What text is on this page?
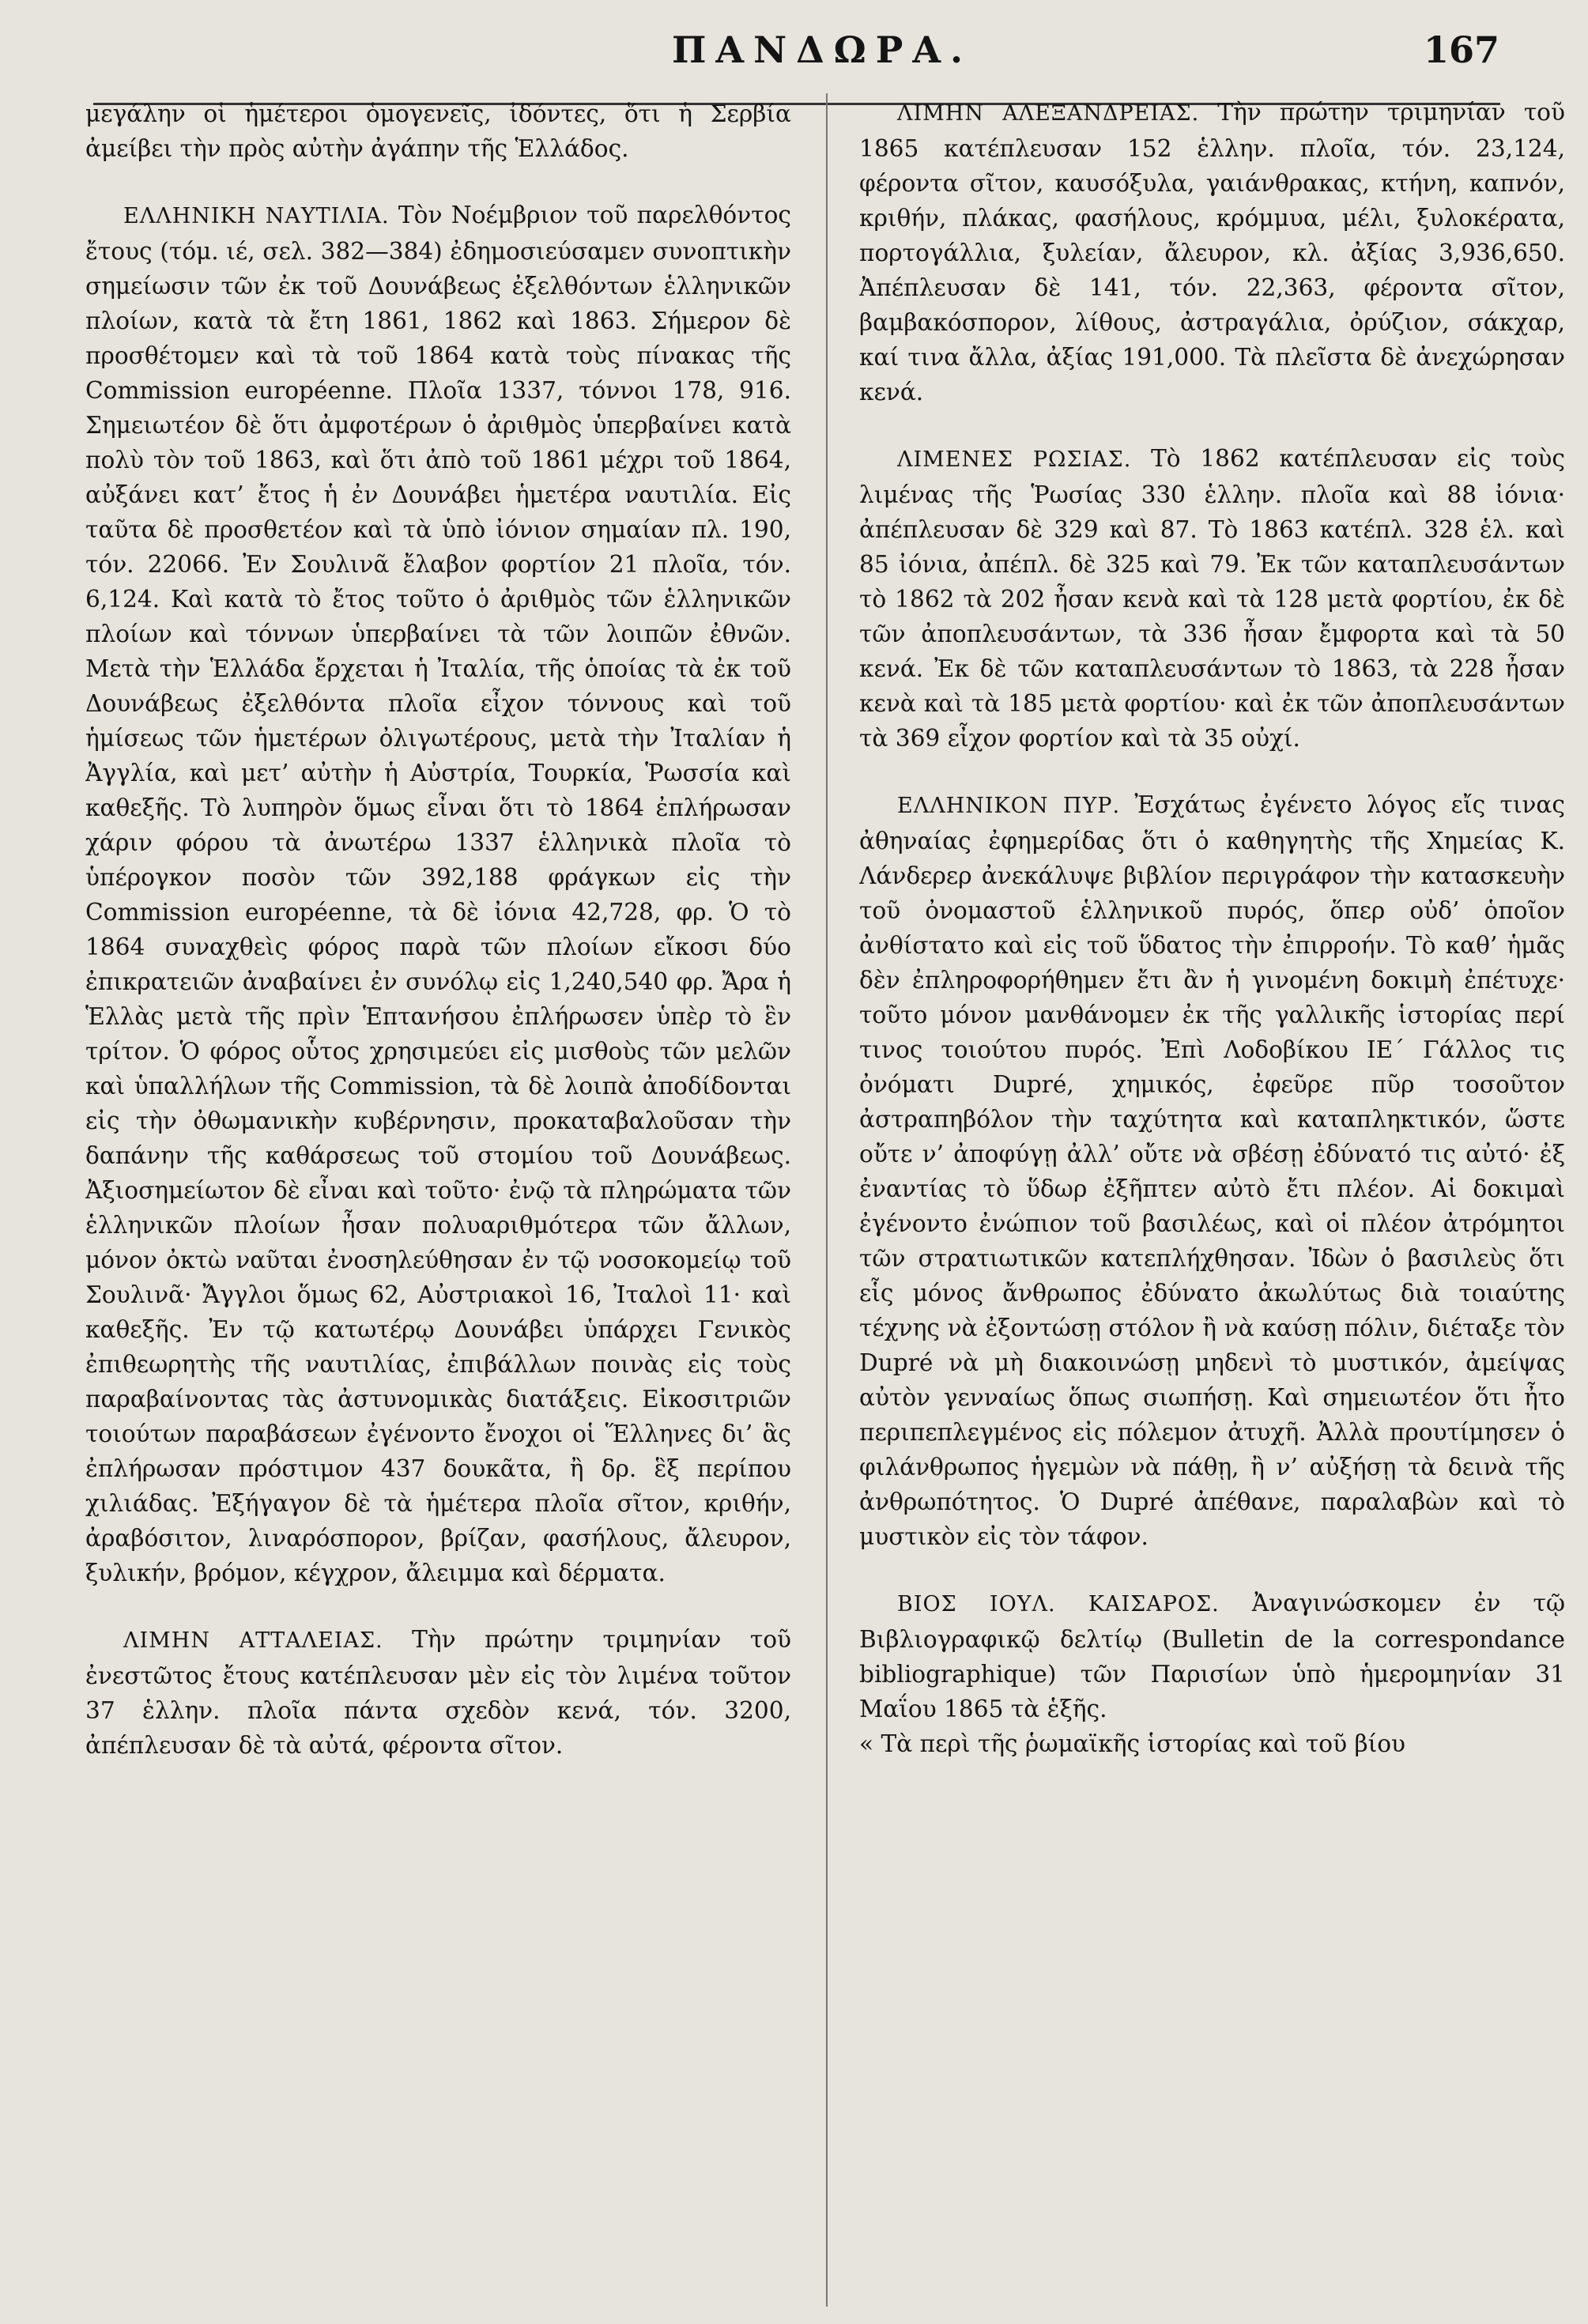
ΠΑΝΔΩΡΑ.	167

μεγάλην οἱ ἡμέτεροι ὁμογενεῖς, ἰδόντες, ὅτι ἡ Σερβία ἀμείβει τὴν πρὸς αὐτὴν ἀγάπην τῆς Ἑλλάδος.

ΕΛΛΗΝΙΚΗ ΝΑΥΤΙΛΙΑ. Τὸν Νοέμβριον τοῦ παρελθόντος ἔτους (τόμ. ιέ, σελ. 382—384) ἐδημοσιεύσαμεν συνοπτικὴν σημείωσιν τῶν ἐκ τοῦ Δουνάβεως ἐξελθόντων ἑλληνικῶν πλοίων, κατὰ τὰ ἔτη 1861, 1862 καὶ 1863. Σήμερον δὲ προσθέτομεν καὶ τὰ τοῦ 1864 κατὰ τοὺς πίνακας τῆς Commission européenne. Πλοῖα 1337, τόννοι 178, 916. Σημειωτέον δὲ ὅτι ἀμφοτέρων ὁ ἀριθμὸς ὑπερβαίνει κατὰ πολὺ τὸν τοῦ 1863, καὶ ὅτι ἀπὸ τοῦ 1861 μέχρι τοῦ 1864, αὐξάνει κατ’ ἔτος ἡ ἐν Δουνάβει ἡμετέρα ναυτιλία. Εἰς ταῦτα δὲ προσθετέον καὶ τὰ ὑπὸ ἰόνιον σημαίαν πλ. 190, τόν. 22066. Ἐν Σουλινᾶ ἔλαβον φορτίον 21 πλοῖα, τόν. 6,124. Καὶ κατὰ τὸ ἔτος τοῦτο ὁ ἀριθμὸς τῶν ἑλληνικῶν πλοίων καὶ τόννων ὑπερβαίνει τὰ τῶν λοιπῶν ἐθνῶν. Μετὰ τὴν Ἑλλάδα ἔρχεται ἡ Ἰταλία, τῆς ὁποίας τὰ ἐκ τοῦ Δουνάβεως ἐξελθόντα πλοῖα εἶχον τόννους καὶ τοῦ ἡμίσεως τῶν ἡμετέρων ὀλιγωτέρους, μετὰ τὴν Ἰταλίαν ἡ Ἀγγλία, καὶ μετ’ αὐτὴν ἡ Αὐστρία, Τουρκία, Ῥωσσία καὶ καθεξῆς. Τὸ λυπηρὸν ὅμως εἶναι ὅτι τὸ 1864 ἐπλήρωσαν χάριν φόρου τὰ ἀνωτέρω 1337 ἑλληνικὰ πλοῖα τὸ ὑπέρογκον ποσὸν τῶν 392,188 φράγκων εἰς τὴν Commission européenne, τὰ δὲ ἰόνια 42,728, φρ. Ὁ τὸ 1864 συναχθεὶς φόρος παρὰ τῶν πλοίων εἴκοσι δύο ἐπικρατειῶν ἀναβαίνει ἐν συνόλῳ εἰς 1,240,540 φρ. Ἄρα ἡ Ἑλλὰς μετὰ τῆς πρὶν Ἑπτανήσου ἐπλήρωσεν ὑπὲρ τὸ ἓν τρίτον. Ὁ φόρος οὗτος χρησιμεύει εἰς μισθοὺς τῶν μελῶν καὶ ὑπαλλήλων τῆς Commission, τὰ δὲ λοιπὰ ἀποδίδονται εἰς τὴν ὀθωμανικὴν κυβέρνησιν, προκαταβαλοῦσαν τὴν δαπάνην τῆς καθάρσεως τοῦ στομίου τοῦ Δουνάβεως. Ἀξιοσημείωτον δὲ εἶναι καὶ τοῦτο· ἐνῷ τὰ πληρώματα τῶν ἑλληνικῶν πλοίων ἦσαν πολυαριθμότερα τῶν ἄλλων, μόνον ὀκτὼ ναῦται ἐνοσηλεύθησαν ἐν τῷ νοσοκομείῳ τοῦ Σουλινᾶ· Ἄγγλοι ὅμως 62, Αὐστριακοὶ 16, Ἰταλοὶ 11· καὶ καθεξῆς. Ἐν τῷ κατωτέρῳ Δουνάβει ὑπάρχει Γενικὸς ἐπιθεωρητὴς τῆς ναυτιλίας, ἐπιβάλλων ποινὰς εἰς τοὺς παραβαίνοντας τὰς ἀστυνομικὰς διατάξεις. Εἰκοσιτριῶν τοιούτων παραβάσεων ἐγένοντο ἔνοχοι οἱ Ἕλληνες δι’ ἃς ἐπλήρωσαν πρόστιμον 437 δουκᾶτα, ἢ δρ. ἓξ περίπου χιλιάδας. Ἐξήγαγον δὲ τὰ ἡμέτερα πλοῖα σῖτον, κριθήν, ἀραβόσιτον, λιναρόσπορον, βρίζαν, φασήλους, ἄλευρον, ξυλικήν, βρόμον, κέγχρον, ἄλειμμα καὶ δέρματα.

ΛΙΜΗΝ ΑΤΤΑΛΕΙΑΣ. Τὴν πρώτην τριμηνίαν τοῦ ἐνεστῶτος ἔτους κατέπλευσαν μὲν εἰς τὸν λιμένα τοῦτον 37 ἑλλην. πλοῖα πάντα σχεδὸν κενά, τόν. 3200, ἀπέπλευσαν δὲ τὰ αὐτά, φέροντα σῖτον.

ΛΙΜΗΝ ΑΛΕΞΑΝΔΡΕΙΑΣ. Τὴν πρώτην τριμηνίαν τοῦ 1865 κατέπλευσαν 152 ἑλλην. πλοῖα, τόν. 23,124, φέροντα σῖτον, καυσόξυλα, γαιάνθρακας, κτήνη, καπνόν, κριθήν, πλάκας, φασήλους, κρόμμυα, μέλι, ξυλοκέρατα, πορτογάλλια, ξυλείαν, ἄλευρον, κλ. ἀξίας 3,936,650. Ἀπέπλευσαν δὲ 141, τόν. 22,363, φέροντα σῖτον, βαμβακόσπορον, λίθους, ἀστραγάλια, ὀρύζιον, σάκχαρ, καί τινα ἄλλα, ἀξίας 191,000. Τὰ πλεῖστα δὲ ἀνεχώρησαν κενά.

ΛΙΜΕΝΕΣ ΡΩΣΙΑΣ. Τὸ 1862 κατέπλευσαν εἰς τοὺς λιμένας τῆς Ῥωσίας 330 ἑλλην. πλοῖα καὶ 88 ἰόνια· ἀπέπλευσαν δὲ 329 καὶ 87. Τὸ 1863 κατέπλ. 328 ἑλ. καὶ 85 ἰόνια, ἀπέπλ. δὲ 325 καὶ 79. Ἐκ τῶν καταπλευσάντων τὸ 1862 τὰ 202 ἦσαν κενὰ καὶ τὰ 128 μετὰ φορτίου, ἐκ δὲ τῶν ἀποπλευσάντων, τὰ 336 ἦσαν ἔμφορτα καὶ τὰ 50 κενά. Ἐκ δὲ τῶν καταπλευσάντων τὸ 1863, τὰ 228 ἦσαν κενὰ καὶ τὰ 185 μετὰ φορτίου· καὶ ἐκ τῶν ἀποπλευσάντων τὰ 369 εἶχον φορτίον καὶ τὰ 35 οὐχί.

ΕΛΛΗΝΙΚΟΝ ΠΥΡ. Ἐσχάτως ἐγένετο λόγος εἴς τινας ἀθηναίας ἐφημερίδας ὅτι ὁ καθηγητὴς τῆς Χημείας Κ. Λάνδερερ ἀνεκάλυψε βιβλίον περιγράφον τὴν κατασκευὴν τοῦ ὀνομαστοῦ ἑλληνικοῦ πυρός, ὅπερ οὐδ’ ὁποῖον ἀνθίστατο καὶ εἰς τοῦ ὕδατος τὴν ἐπιρροήν. Τὸ καθ’ ἡμᾶς δὲν ἐπληροφορήθημεν ἔτι ἂν ἡ γινομένη δοκιμὴ ἐπέτυχε· τοῦτο μόνον μανθάνομεν ἐκ τῆς γαλλικῆς ἱστορίας περί τινος τοιούτου πυρός. Ἐπὶ Λοδοβίκου ΙΕ΄ Γάλλος τις ὀνόματι Dupré, χημικός, ἐφεῦρε πῦρ τοσοῦτον ἀστραπηβόλον τὴν ταχύτητα καὶ καταπληκτικόν, ὥστε οὔτε ν’ ἀποφύγῃ ἀλλ’ οὔτε νὰ σβέσῃ ἐδύνατό τις αὐτό· ἐξ ἐναντίας τὸ ὕδωρ ἐξῆπτεν αὐτὸ ἔτι πλέον. Αἱ δοκιμαὶ ἐγένοντο ἐνώπιον τοῦ βασιλέως, καὶ οἱ πλέον ἀτρόμητοι τῶν στρατιωτικῶν κατεπλήχθησαν. Ἰδὼν ὁ βασιλεὺς ὅτι εἷς μόνος ἄνθρωπος ἐδύνατο ἀκωλύτως διὰ τοιαύτης τέχνης νὰ ἐξοντώσῃ στόλον ἢ νὰ καύσῃ πόλιν, διέταξε τὸν Dupré νὰ μὴ διακοινώσῃ μηδενὶ τὸ μυστικόν, ἀμείψας αὐτὸν γενναίως ὅπως σιωπήσῃ. Καὶ σημειωτέον ὅτι ἦτο περιπεπλεγμένος εἰς πόλεμον ἀτυχῆ. Ἀλλὰ προυτίμησεν ὁ φιλάνθρωπος ἡγεμὼν νὰ πάθῃ, ἢ ν’ αὐξήσῃ τὰ δεινὰ τῆς ἀνθρωπότητος. Ὁ Dupré ἀπέθανε, παραλαβὼν καὶ τὸ μυστικὸν εἰς τὸν τάφον.

ΒΙΟΣ ΙΟΥΛ. ΚΑΙΣΑΡΟΣ. Ἀναγινώσκομεν ἐν τῷ Βιβλιογραφικῷ δελτίῳ (Bulletin de la correspondance bibliographique) τῶν Παρισίων ὑπὸ ἡμερομηνίαν 31 Μαΐου 1865 τὰ ἑξῆς.

« Τὰ περὶ τῆς ῥωμαϊκῆς ἱστορίας καὶ τοῦ βίου
